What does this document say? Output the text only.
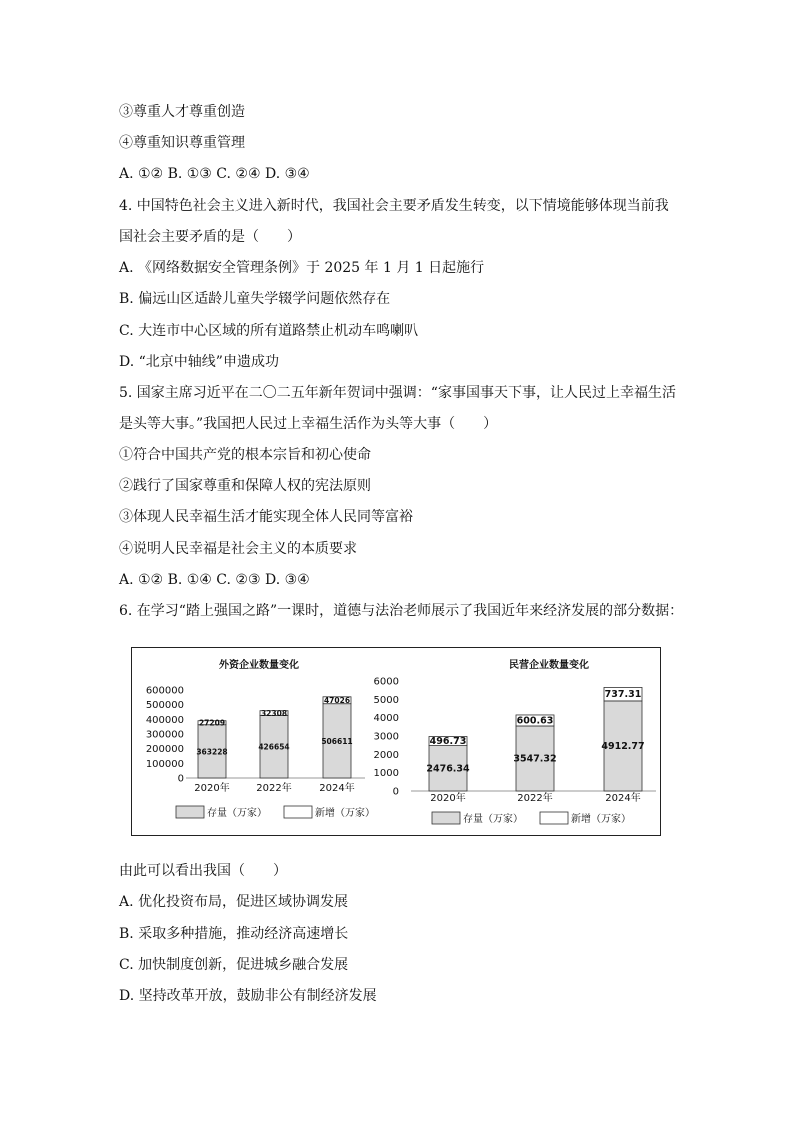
③尊重人才尊重创造
④尊重知识尊重管理
A. ①② B. ①③ C. ②④ D. ③④
4. 中国特色社会主义进入新时代，我国社会主要矛盾发生转变，以下情境能够体现当前我
国社会主要矛盾的是（　　）
A. 《网络数据安全管理条例》于 2025 年 1 月 1 日起施行
B. 偏远山区适龄儿童失学辍学问题依然存在
C. 大连市中心区域的所有道路禁止机动车鸣喇叭
D. “北京中轴线”申遗成功
5. 国家主席习近平在二〇二五年新年贺词中强调：“家事国事天下事，让人民过上幸福生活
是头等大事。”我国把人民过上幸福生活作为头等大事（　　）
①符合中国共产党的根本宗旨和初心使命
②践行了国家尊重和保障人权的宪法原则
③体现人民幸福生活才能实现全体人民同等富裕
④说明人民幸福是社会主义的本质要求
A. ①② B. ①④ C. ②③ D. ③④
6. 在学习“踏上强国之路”一课时，道德与法治老师展示了我国近年来经济发展的部分数据：
外资企业数量变化
0
100000
200000
300000
400000
500000
600000
363228
27209
2020年
426654
32308
2022年
506611
47026
2024年
存量（万家）	新增（万家）
民营企业数量变化
0
1000
2000
3000
4000
5000
6000
2476.34
496.73
2020年
3547.32
600.63
2022年
4912.77
737.31
2024年
存量（万家）	新增（万家）
由此可以看出我国（　　）
A. 优化投资布局，促进区域协调发展
B. 采取多种措施，推动经济高速增长
C. 加快制度创新，促进城乡融合发展
D. 坚持改革开放，鼓励非公有制经济发展
